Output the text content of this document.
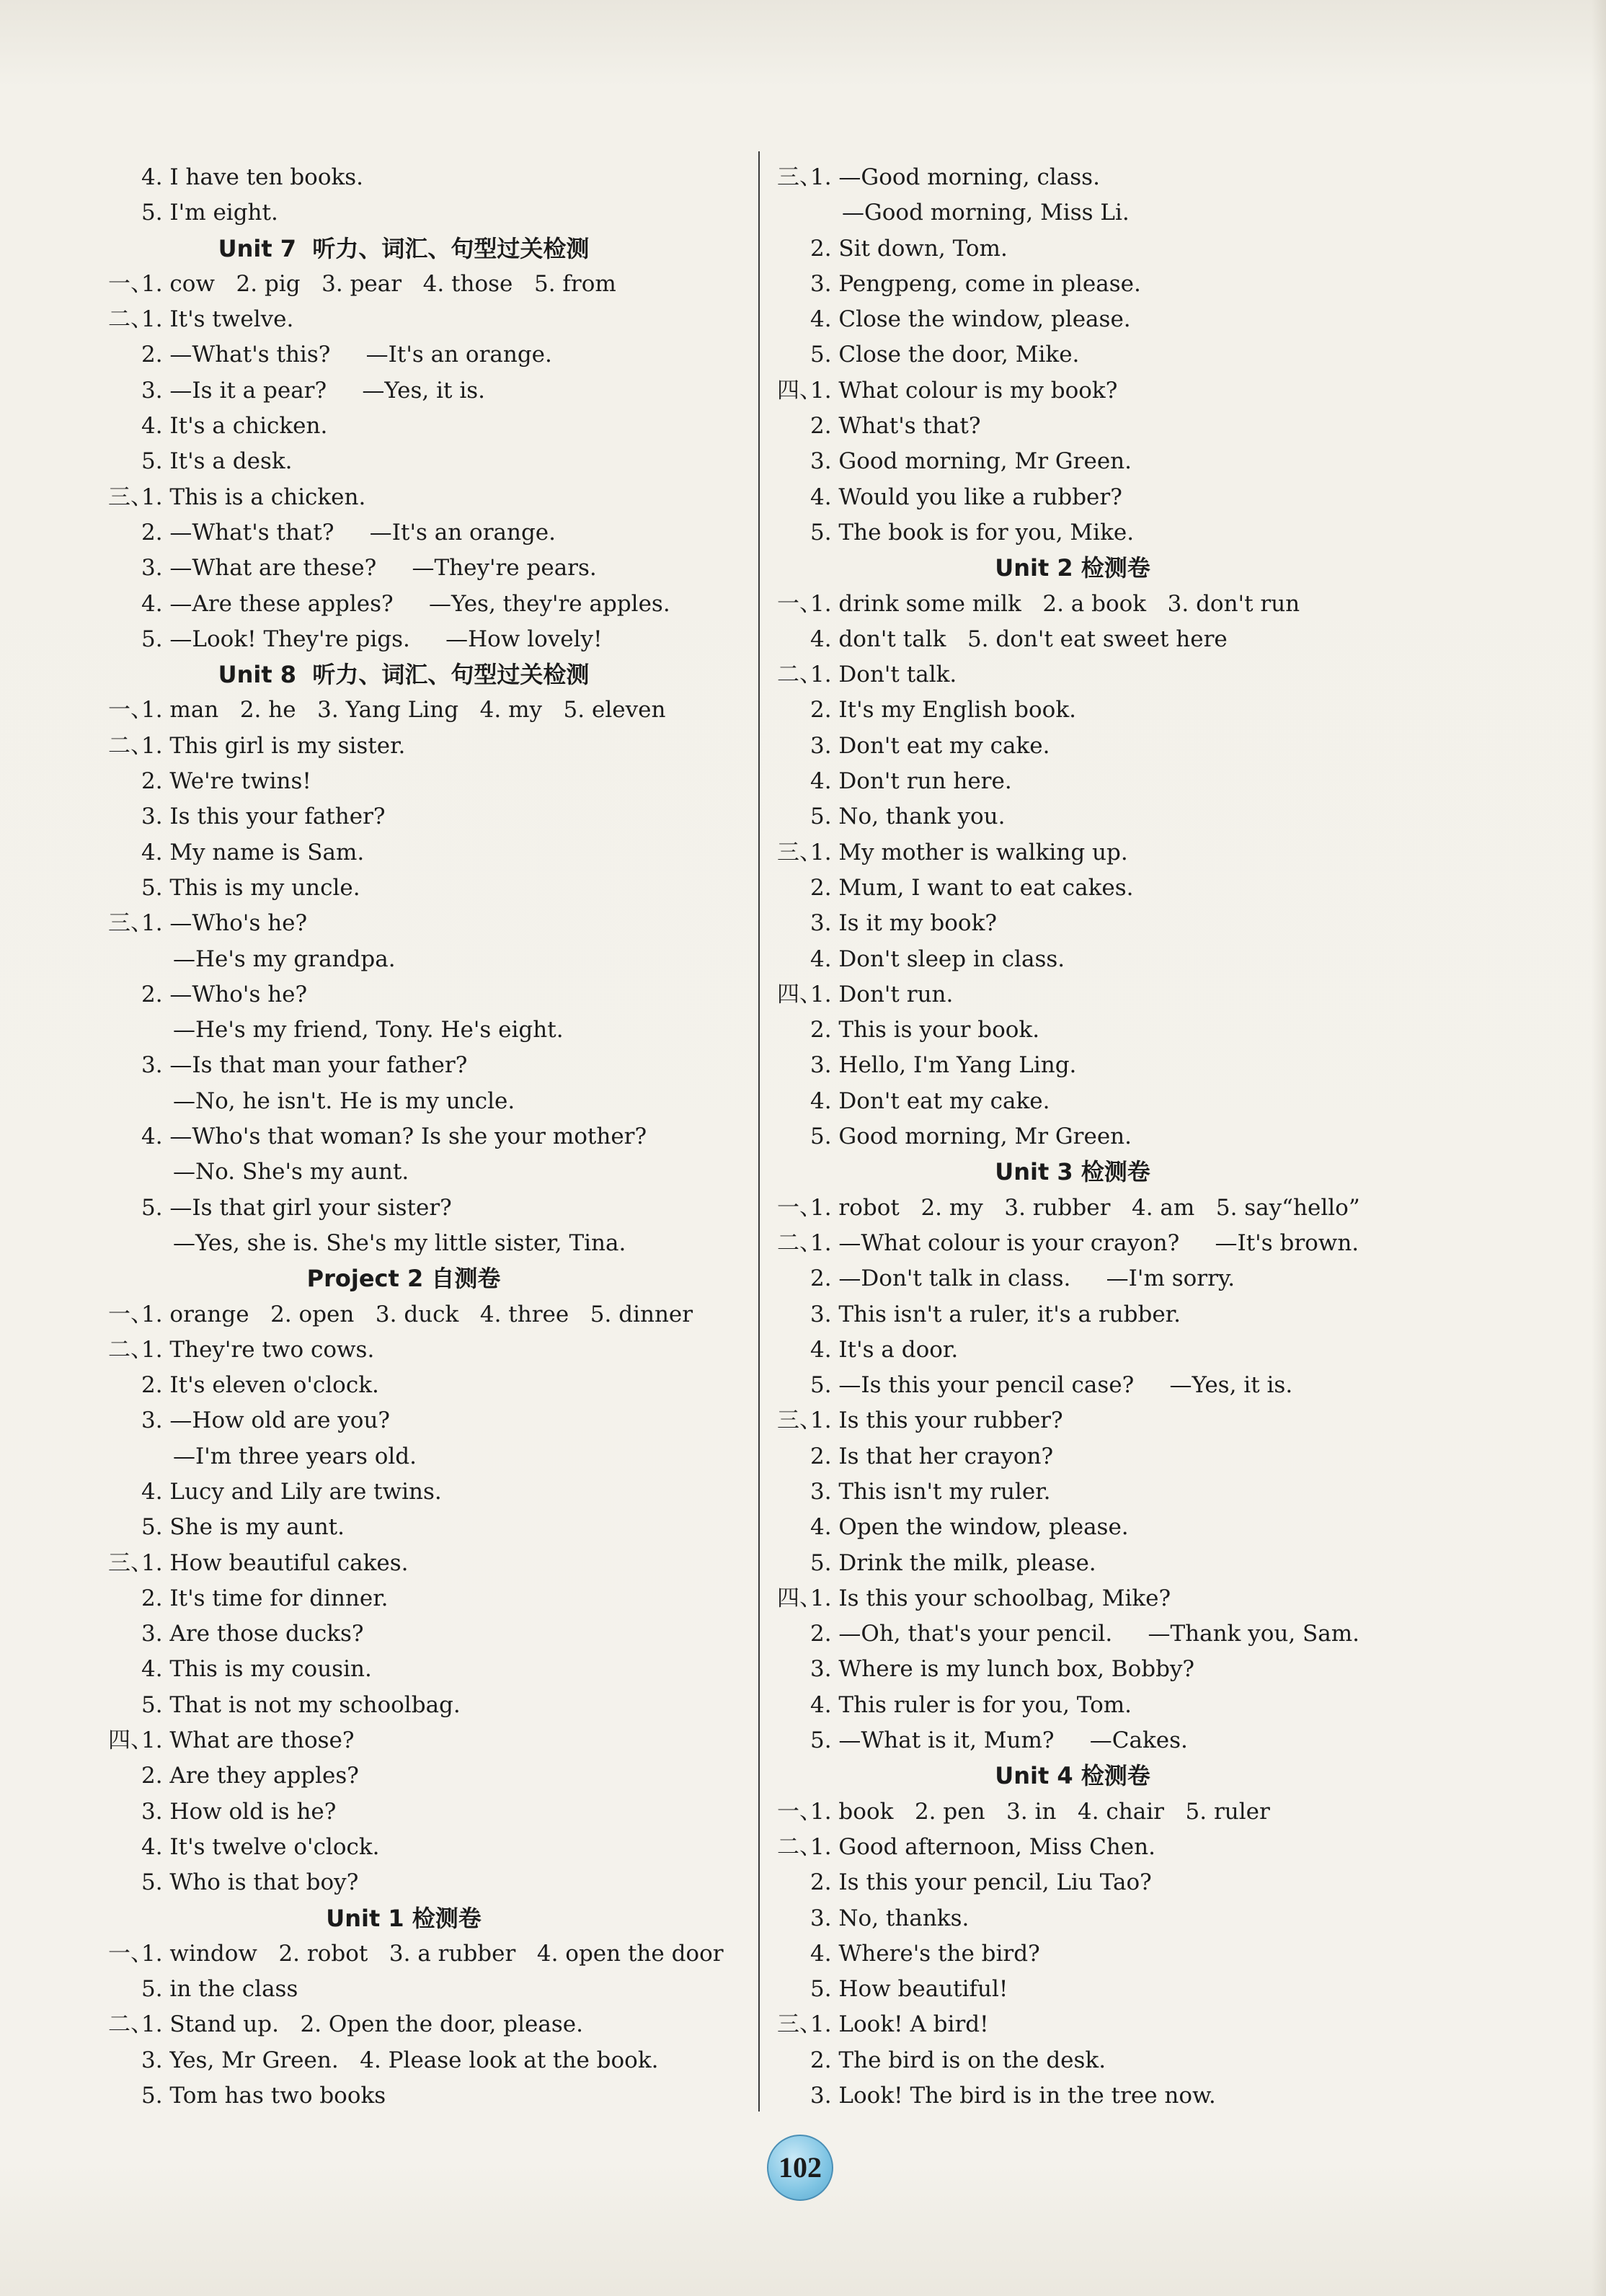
4. I have ten books.
5. I'm eight.
Unit 7  听力、词汇、句型过关检测
一、1. cow   2. pig   3. pear   4. those   5. from
二、1. It's twelve.
2. —What's this?     —It's an orange.
3. —Is it a pear?     —Yes, it is.
4. It's a chicken.
5. It's a desk.
三、1. This is a chicken.
2. —What's that?     —It's an orange.
3. —What are these?     —They're pears.
4. —Are these apples?     —Yes, they're apples.
5. —Look! They're pigs.     —How lovely!
Unit 8  听力、词汇、句型过关检测
一、1. man   2. he   3. Yang Ling   4. my   5. eleven
二、1. This girl is my sister.
2. We're twins!
3. Is this your father?
4. My name is Sam.
5. This is my uncle.
三、1. —Who's he?
—He's my grandpa.
2. —Who's he?
—He's my friend, Tony. He's eight.
3. —Is that man your father?
—No, he isn't. He is my uncle.
4. —Who's that woman? Is she your mother?
—No. She's my aunt.
5. —Is that girl your sister?
—Yes, she is. She's my little sister, Tina.
Project 2 自测卷
一、1. orange   2. open   3. duck   4. three   5. dinner
二、1. They're two cows.
2. It's eleven o'clock.
3. —How old are you?
—I'm three years old.
4. Lucy and Lily are twins.
5. She is my aunt.
三、1. How beautiful cakes.
2. It's time for dinner.
3. Are those ducks?
4. This is my cousin.
5. That is not my schoolbag.
四、1. What are those?
2. Are they apples?
3. How old is he?
4. It's twelve o'clock.
5. Who is that boy?
Unit 1 检测卷
一、1. window   2. robot   3. a rubber   4. open the door
5. in the class
二、1. Stand up.   2. Open the door, please.
3. Yes, Mr Green.   4. Please look at the book.
5. Tom has two books
三、1. —Good morning, class.
—Good morning, Miss Li.
2. Sit down, Tom.
3. Pengpeng, come in please.
4. Close the window, please.
5. Close the door, Mike.
四、1. What colour is my book?
2. What's that?
3. Good morning, Mr Green.
4. Would you like a rubber?
5. The book is for you, Mike.
Unit 2 检测卷
一、1. drink some milk   2. a book   3. don't run
4. don't talk   5. don't eat sweet here
二、1. Don't talk.
2. It's my English book.
3. Don't eat my cake.
4. Don't run here.
5. No, thank you.
三、1. My mother is walking up.
2. Mum, I want to eat cakes.
3. Is it my book?
4. Don't sleep in class.
四、1. Don't run.
2. This is your book.
3. Hello, I'm Yang Ling.
4. Don't eat my cake.
5. Good morning, Mr Green.
Unit 3 检测卷
一、1. robot   2. my   3. rubber   4. am   5. say“hello”
二、1. —What colour is your crayon?     —It's brown.
2. —Don't talk in class.     —I'm sorry.
3. This isn't a ruler, it's a rubber.
4. It's a door.
5. —Is this your pencil case?     —Yes, it is.
三、1. Is this your rubber?
2. Is that her crayon?
3. This isn't my ruler.
4. Open the window, please.
5. Drink the milk, please.
四、1. Is this your schoolbag, Mike?
2. —Oh, that's your pencil.     —Thank you, Sam.
3. Where is my lunch box, Bobby?
4. This ruler is for you, Tom.
5. —What is it, Mum?     —Cakes.
Unit 4 检测卷
一、1. book   2. pen   3. in   4. chair   5. ruler
二、1. Good afternoon, Miss Chen.
2. Is this your pencil, Liu Tao?
3. No, thanks.
4. Where's the bird?
5. How beautiful!
三、1. Look! A bird!
2. The bird is on the desk.
3. Look! The bird is in the tree now.
102
